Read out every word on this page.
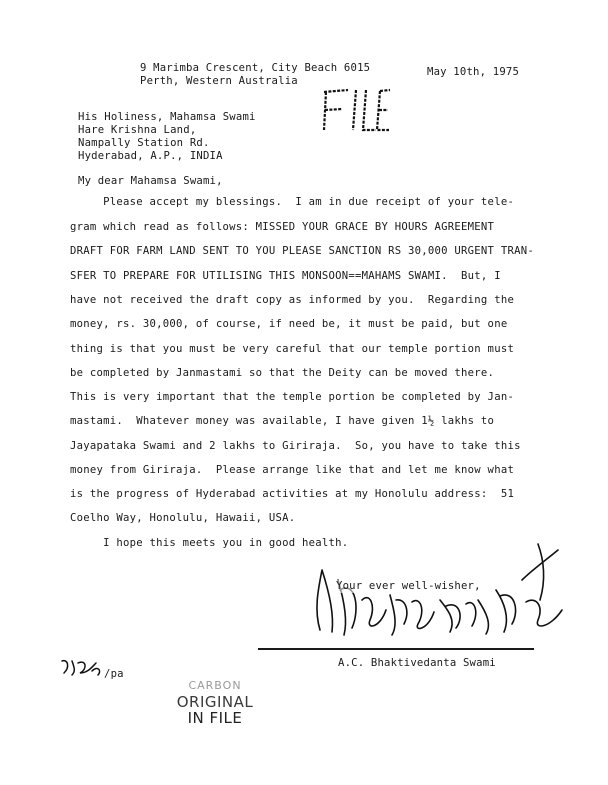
9 Marimba Crescent, City Beach 6015
Perth, Western Australia
May 10th, 1975
FILE
His Holiness, Mahamsa Swami
Hare Krishna Land,
Nampally Station Rd.
Hyderabad, A.P., INDIA
My dear Mahamsa Swami,
Please accept my blessings.  I am in due receipt of your tele-
gram which read as follows: MISSED YOUR GRACE BY HOURS AGREEMENT
DRAFT FOR FARM LAND SENT TO YOU PLEASE SANCTION RS 30,000 URGENT TRAN-
SFER TO PREPARE FOR UTILISING THIS MONSOON==MAHAMS SWAMI.  But, I
have not received the draft copy as informed by you.  Regarding the
money, rs. 30,000, of course, if need be, it must be paid, but one
thing is that you must be very careful that our temple portion must
be completed by Janmastami so that the Deity can be moved there.
This is very important that the temple portion be completed by Jan-
mastami.  Whatever money was available, I have given 1½ lakhs to
Jayapataka Swami and 2 lakhs to Giriraja.  So, you have to take this
money from Giriraja.  Please arrange like that and let me know what
is the progress of Hyderabad activities at my Honolulu address:  51
Coelho Way, Honolulu, Hawaii, USA.
I hope this meets you in good health.
Your ever well-wisher,
A.C. Bhaktivedanta Swami
/pa
CARBON
ORIGINAL
IN FILE
